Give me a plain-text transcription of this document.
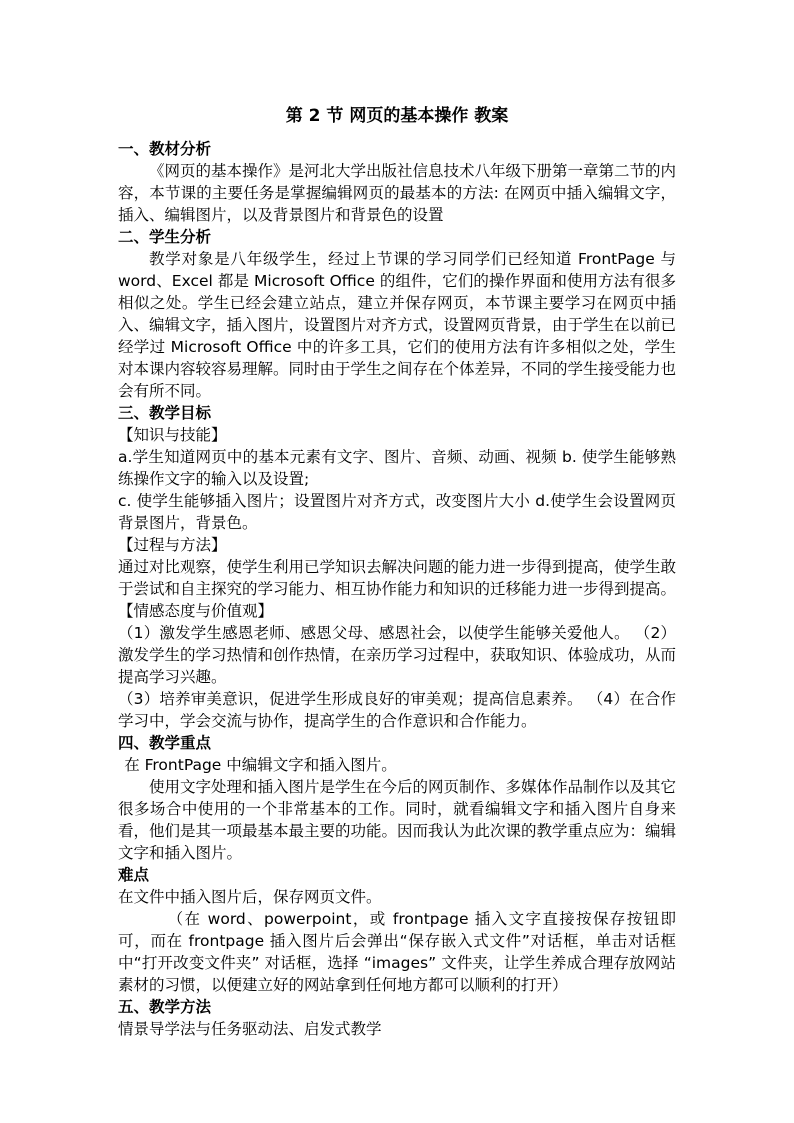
第 2 节 网页的基本操作 教案
一、教材分析

《网页的基本操作》是河北大学出版社信息技术八年级下册第一章第二节的内容，本节课的主要任务是掌握编辑网页的最基本的方法: 在网页中插入编辑文字，插入、编辑图片，以及背景图片和背景色的设置

二、学生分析

教学对象是八年级学生，经过上节课的学习同学们已经知道 FrontPage 与 word、Excel 都是 Microsoft Office 的组件，它们的操作界面和使用方法有很多相似之处。学生已经会建立站点，建立并保存网页，本节课主要学习在网页中插入、编辑文字，插入图片，设置图片对齐方式，设置网页背景，由于学生在以前已经学过 Microsoft Office 中的许多工具，它们的使用方法有许多相似之处，学生对本课内容较容易理解。同时由于学生之间存在个体差异，不同的学生接受能力也会有所不同。

三、教学目标

【知识与技能】

a.学生知道网页中的基本元素有文字、图片、音频、动画、视频 b. 使学生能够熟练操作文字的输入以及设置;

c. 使学生能够插入图片；设置图片对齐方式，改变图片大小 d.使学生会设置网页背景图片，背景色。

【过程与方法】

通过对比观察，使学生利用已学知识去解决问题的能力进一步得到提高，使学生敢于尝试和自主探究的学习能力、相互协作能力和知识的迁移能力进一步得到提高。

【情感态度与价值观】

（1）激发学生感恩老师、感恩父母、感恩社会，以使学生能够关爱他人。 （2）激发学生的学习热情和创作热情，在亲历学习过程中，获取知识、体验成功，从而提高学习兴趣。

（3）培养审美意识，促进学生形成良好的审美观；提高信息素养。 （4）在合作学习中，学会交流与协作，提高学生的合作意识和合作能力。

四、教学重点

在 FrontPage 中编辑文字和插入图片。

使用文字处理和插入图片是学生在今后的网页制作、多媒体作品制作以及其它很多场合中使用的一个非常基本的工作。同时，就看编辑文字和插入图片自身来看，他们是其一项最基本最主要的功能。因而我认为此次课的教学重点应为：编辑文字和插入图片。

难点

在文件中插入图片后，保存网页文件。

（在 word、powerpoint，或 frontpage 插入文字直接按保存按钮即可，而在 frontpage 插入图片后会弹出“保存嵌入式文件”对话框，单击对话框中“打开改变文件夹” 对话框，选择 “images” 文件夹，让学生养成合理存放网站素材的习惯，以便建立好的网站拿到任何地方都可以顺利的打开）

五、教学方法

情景导学法与任务驱动法、启发式教学
